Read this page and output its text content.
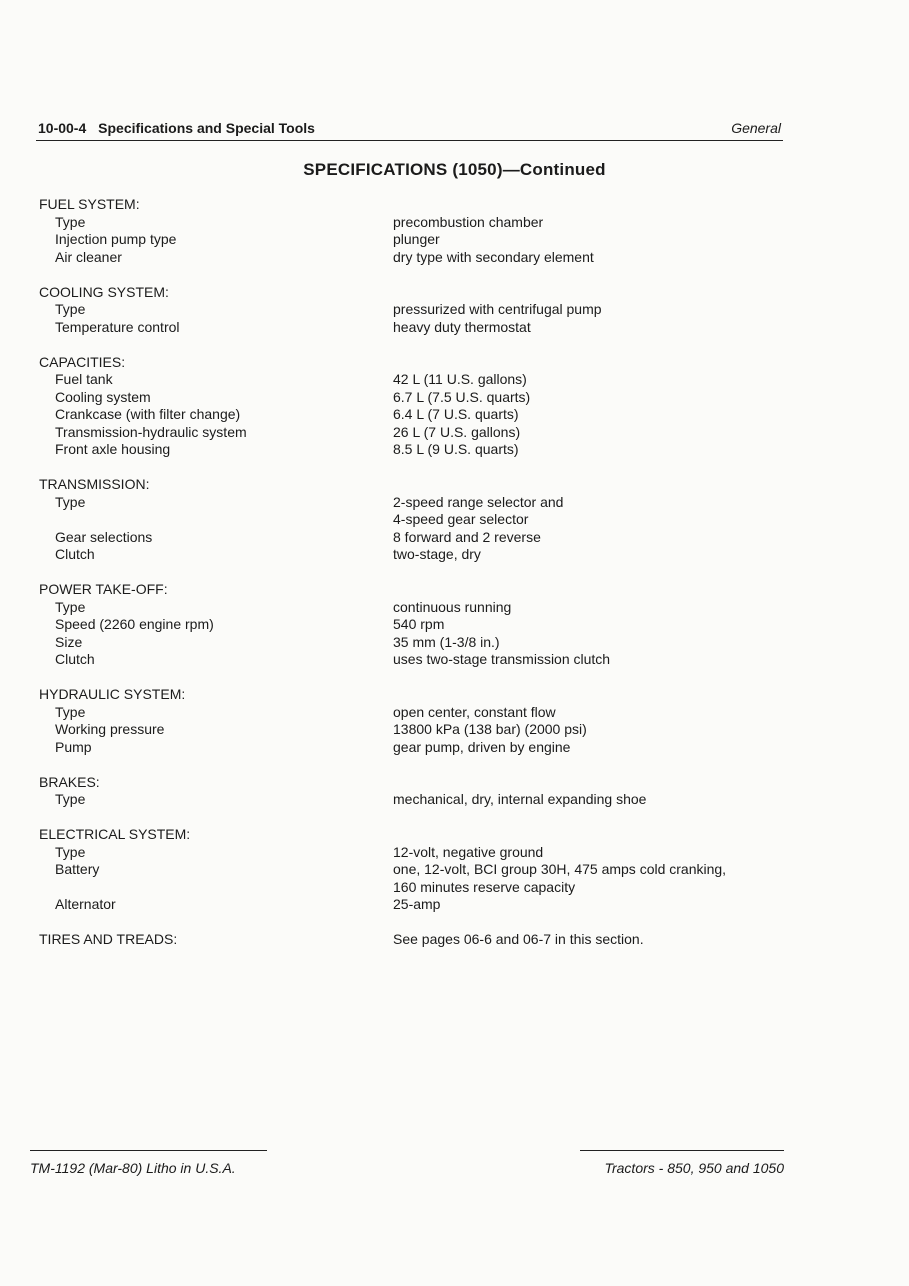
10-00-4 Specifications and Special Tools	General
SPECIFICATIONS (1050)—Continued
FUEL SYSTEM:
Type	precombustion chamber
Injection pump type	plunger
Air cleaner	dry type with secondary element
COOLING SYSTEM:
Type	pressurized with centrifugal pump
Temperature control	heavy duty thermostat
CAPACITIES:
Fuel tank	42 L (11 U.S. gallons)
Cooling system	6.7 L (7.5 U.S. quarts)
Crankcase (with filter change)	6.4 L (7 U.S. quarts)
Transmission-hydraulic system	26 L (7 U.S. gallons)
Front axle housing	8.5 L (9 U.S. quarts)
TRANSMISSION:
Type	2-speed range selector and
4-speed gear selector
Gear selections	8 forward and 2 reverse
Clutch	two-stage, dry
POWER TAKE-OFF:
Type	continuous running
Speed (2260 engine rpm)	540 rpm
Size	35 mm (1-3/8 in.)
Clutch	uses two-stage transmission clutch
HYDRAULIC SYSTEM:
Type	open center, constant flow
Working pressure	13800 kPa (138 bar) (2000 psi)
Pump	gear pump, driven by engine
BRAKES:
Type	mechanical, dry, internal expanding shoe
ELECTRICAL SYSTEM:
Type	12-volt, negative ground
Battery	one, 12-volt, BCI group 30H, 475 amps cold cranking,
160 minutes reserve capacity
Alternator	25-amp
TIRES AND TREADS:	See pages 06-6 and 06-7 in this section.
TM-1192 (Mar-80) Litho in U.S.A.	Tractors - 850, 950 and 1050
